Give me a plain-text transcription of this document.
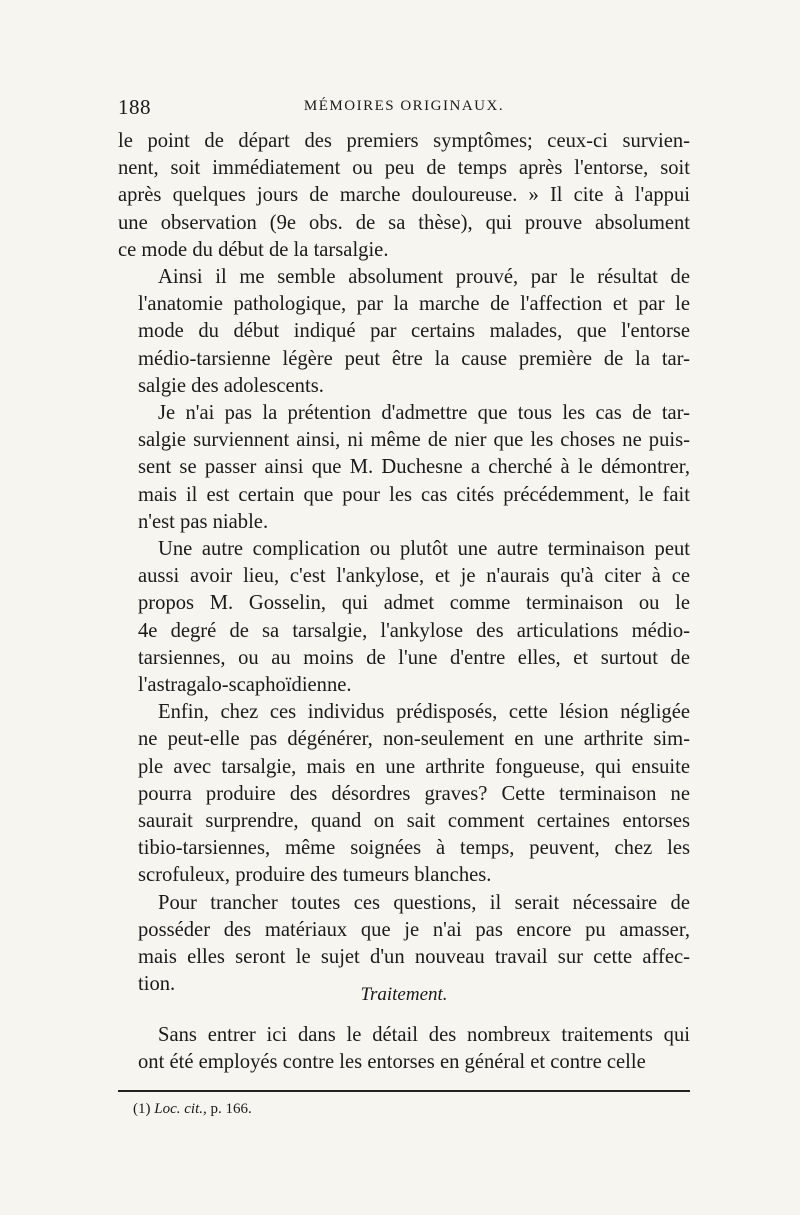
188	MÉMOIRES ORIGINAUX.
le point de départ des premiers symptômes; ceux-ci survien-
nent, soit immédiatement ou peu de temps après l'entorse, soit
après quelques jours de marche douloureuse. » Il cite à l'appui
une observation (9e obs. de sa thèse), qui prouve absolument
ce mode du début de la tarsalgie.
Ainsi il me semble absolument prouvé, par le résultat de
l'anatomie pathologique, par la marche de l'affection et par le
mode du début indiqué par certains malades, que l'entorse
médio-tarsienne légère peut être la cause première de la tar-
salgie des adolescents.
Je n'ai pas la prétention d'admettre que tous les cas de tar-
salgie surviennent ainsi, ni même de nier que les choses ne puis-
sent se passer ainsi que M. Duchesne a cherché à le démontrer,
mais il est certain que pour les cas cités précédemment, le fait
n'est pas niable.
Une autre complication ou plutôt une autre terminaison peut
aussi avoir lieu, c'est l'ankylose, et je n'aurais qu'à citer à ce
propos M. Gosselin, qui admet comme terminaison ou le
4e degré de sa tarsalgie, l'ankylose des articulations médio-
tarsiennes, ou au moins de l'une d'entre elles, et surtout de
l'astragalo-scaphoïdienne.
Enfin, chez ces individus prédisposés, cette lésion négligée
ne peut-elle pas dégénérer, non-seulement en une arthrite sim-
ple avec tarsalgie, mais en une arthrite fongueuse, qui ensuite
pourra produire des désordres graves? Cette terminaison ne
saurait surprendre, quand on sait comment certaines entorses
tibio-tarsiennes, même soignées à temps, peuvent, chez les
scrofuleux, produire des tumeurs blanches.
Pour trancher toutes ces questions, il serait nécessaire de
posséder des matériaux que je n'ai pas encore pu amasser,
mais elles seront le sujet d'un nouveau travail sur cette affec-
tion.	Traitement.
Sans entrer ici dans le détail des nombreux traitements qui
ont été employés contre les entorses en général et contre celle
(1) Loc. cit., p. 166.
